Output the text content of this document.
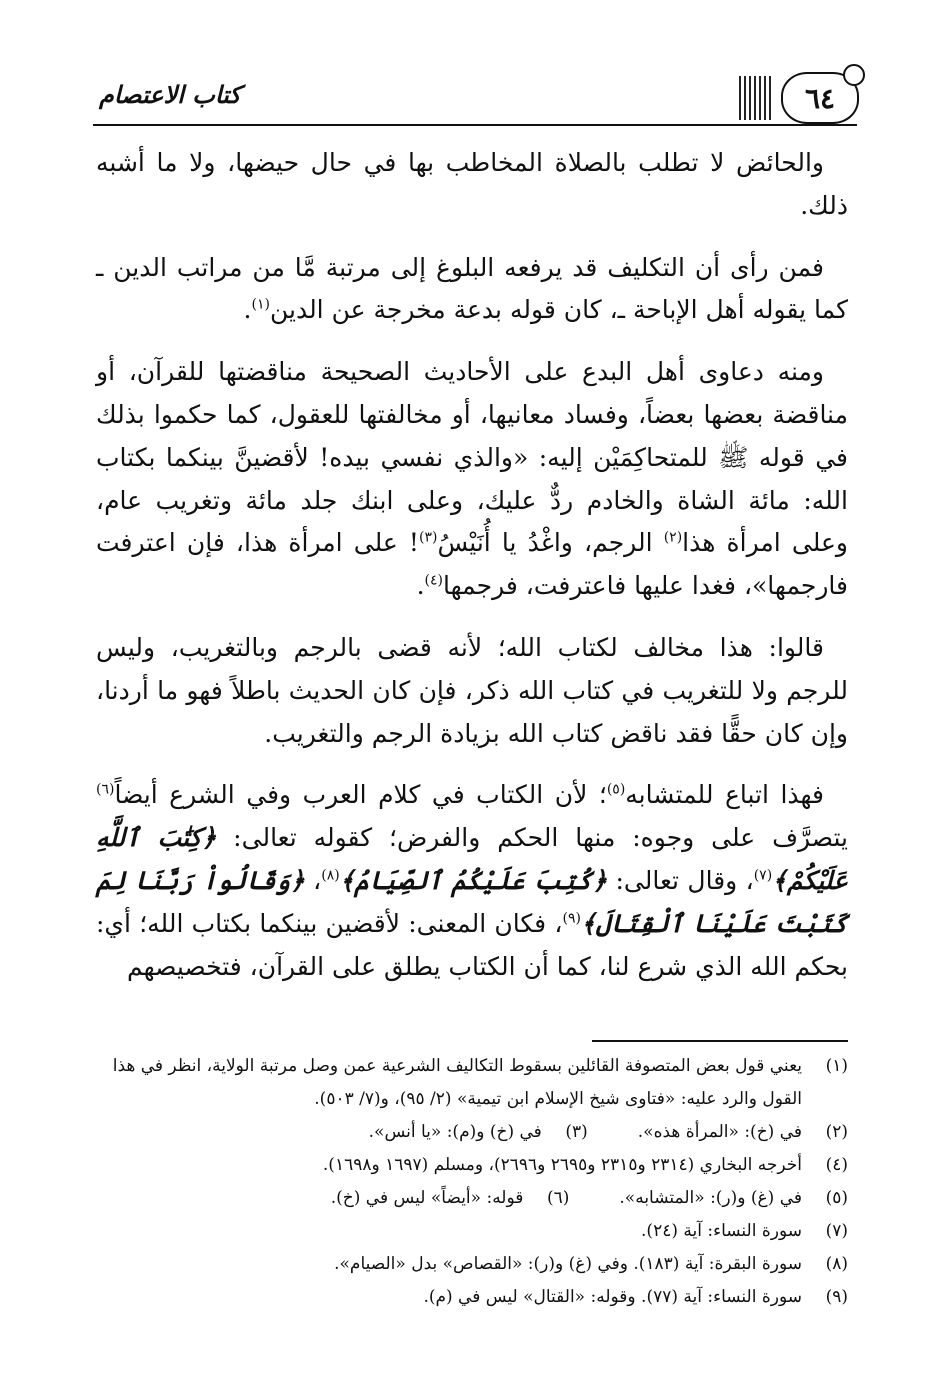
كتاب الاعتصام	٦٤

والحائض لا تطلب بالصلاة المخاطب بها في حال حيضها، ولا ما أشبه ذلك.

فمن رأى أن التكليف قد يرفعه البلوغ إلى مرتبة مَّا من مراتب الدين ـ كما يقوله أهل الإباحة ـ، كان قوله بدعة مخرجة عن الدين$^{(١)}$.

ومنه دعاوى أهل البدع على الأحاديث الصحيحة مناقضتها للقرآن، أو مناقضة بعضها بعضاً، وفساد معانيها، أو مخالفتها للعقول، كما حكموا بذلك في قوله ﷺ للمتحاكِمَيْن إليه: «والذي نفسي بيده! لأقضينَّ بينكما بكتاب الله: مائة الشاة والخادم ردٌّ عليك، وعلى ابنك جلد مائة وتغريب عام، وعلى امرأة هذا$^{(٢)}$ الرجم، واغْدُ يا أُنَيْسُ$^{(٣)}$! على امرأة هذا، فإن اعترفت فارجمها»، فغدا عليها فاعترفت، فرجمها$^{(٤)}$.

قالوا: هذا مخالف لكتاب الله؛ لأنه قضى بالرجم وبالتغريب، وليس للرجم ولا للتغريب في كتاب الله ذكر، فإن كان الحديث باطلاً فهو ما أردنا، وإن كان حقًّا فقد ناقض كتاب الله بزيادة الرجم والتغريب.

فهذا اتباع للمتشابه$^{(٥)}$؛ لأن الكتاب في كلام العرب وفي الشرع أيضاً$^{(٦)}$ يتصرَّف على وجوه: منها الحكم والفرض؛ كقوله تعالى: ﴿كِتَٰبَ ٱللَّهِ عَلَيْكُمْ﴾$^{(٧)}$، وقال تعالى: ﴿كُتِبَ عَلَيْكُمُ ٱلصِّيَامُ﴾$^{(٨)}$، ﴿وَقَالُواْ رَبَّنَا لِمَ كَتَبْتَ عَلَيْنَا ٱلْقِتَالَ﴾$^{(٩)}$، فكان المعنى: لأقضين بينكما بكتاب الله؛ أي: بحكم الله الذي شرع لنا، كما أن الكتاب يطلق على القرآن، فتخصيصهم

(١)
يعني قول بعض المتصوفة القائلين بسقوط التكاليف الشرعية عمن وصل مرتبة الولاية، انظر في هذا القول والرد عليه: «فتاوى شيخ الإسلام ابن تيمية» (٢/ ٩٥)، و(٧/ ٥٠٣).
(٢)
في (خ): «المرأة هذه».
(٣)
في (خ) و(م): «يا أنس».
(٤)
أخرجه البخاري (٢٣١٤ و٢٣١٥ و٢٦٩٥ و٢٦٩٦)، ومسلم (١٦٩٧ و١٦٩٨).
(٥)
في (غ) و(ر): «المتشابه».
(٦)
قوله: «أيضاً» ليس في (خ).
(٧)
سورة النساء: آية (٢٤).
(٨)
سورة البقرة: آية (١٨٣). وفي (غ) و(ر): «القصاص» بدل «الصيام».
(٩)
سورة النساء: آية (٧٧). وقوله: «القتال» ليس في (م).
